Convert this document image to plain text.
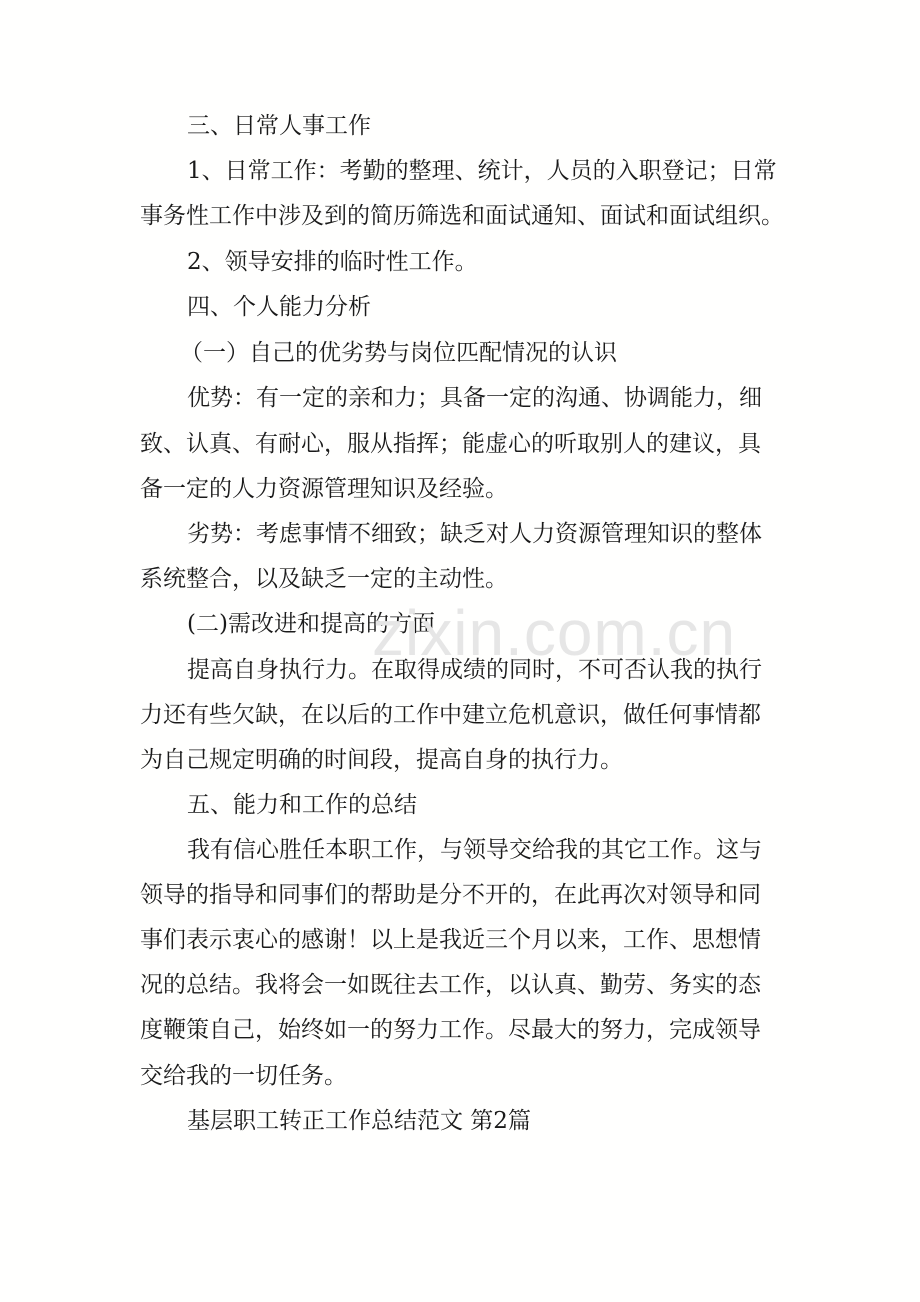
三、日常人事工作
1、日常工作：考勤的整理、统计，人员的入职登记；日常
事务性工作中涉及到的简历筛选和面试通知、面试和面试组织。
2、领导安排的临时性工作。
四、个人能力分析
（一）自己的优劣势与岗位匹配情况的认识
优势：有一定的亲和力；具备一定的沟通、协调能力，细
致、认真、有耐心，服从指挥；能虚心的听取别人的建议，具
备一定的人力资源管理知识及经验。
劣势：考虑事情不细致；缺乏对人力资源管理知识的整体
系统整合，以及缺乏一定的主动性。
(二)需改进和提高的方面
提高自身执行力。在取得成绩的同时，不可否认我的执行
力还有些欠缺，在以后的工作中建立危机意识，做任何事情都
为自己规定明确的时间段，提高自身的执行力。
五、能力和工作的总结
我有信心胜任本职工作，与领导交给我的其它工作。这与
领导的指导和同事们的帮助是分不开的，在此再次对领导和同
事们表示衷心的感谢！以上是我近三个月以来，工作、思想情
况的总结。我将会一如既往去工作，以认真、勤劳、务实的态
度鞭策自己，始终如一的努力工作。尽最大的努力，完成领导
交给我的一切任务。
基层职工转正工作总结范文 第2篇
zixin.com.cn
